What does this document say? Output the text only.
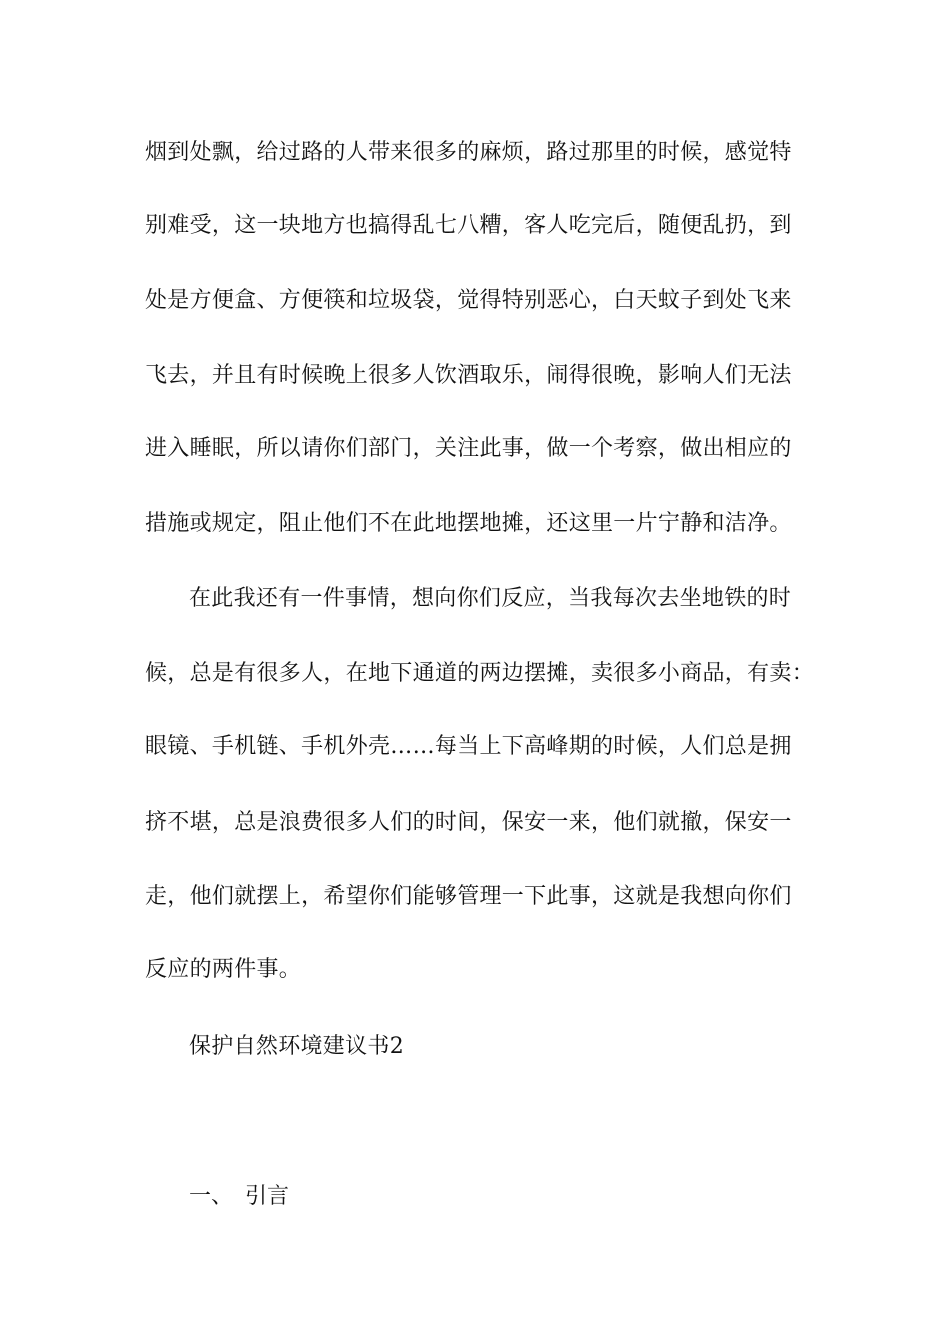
烟到处飘，给过路的人带来很多的麻烦，路过那里的时候，感觉特
别难受，这一块地方也搞得乱七八糟，客人吃完后，随便乱扔，到
处是方便盒、方便筷和垃圾袋，觉得特别恶心，白天蚊子到处飞来
飞去，并且有时候晚上很多人饮酒取乐，闹得很晚，影响人们无法
进入睡眠，所以请你们部门，关注此事，做一个考察，做出相应的
措施或规定，阻止他们不在此地摆地摊，还这里一片宁静和洁净。
在此我还有一件事情，想向你们反应，当我每次去坐地铁的时
候，总是有很多人，在地下通道的两边摆摊，卖很多小商品，有卖：
眼镜、手机链、手机外壳……每当上下高峰期的时候，人们总是拥
挤不堪，总是浪费很多人们的时间，保安一来，他们就撤，保安一
走，他们就摆上，希望你们能够管理一下此事，这就是我想向你们
反应的两件事。
保护自然环境建议书2
一、 引言
